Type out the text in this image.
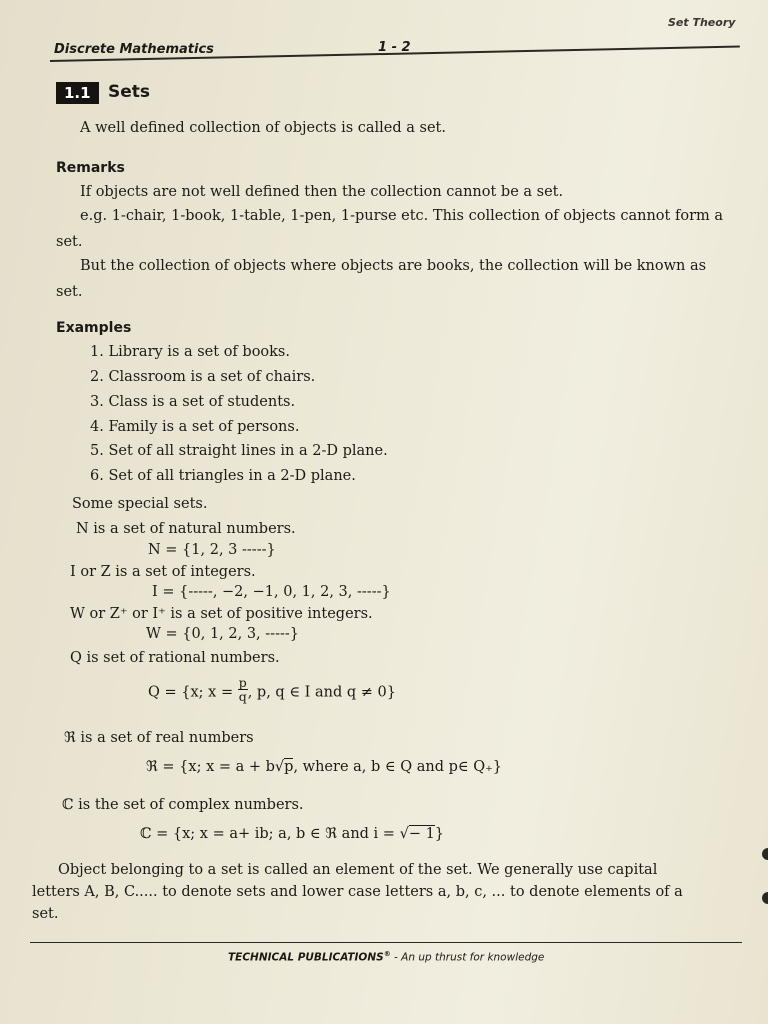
Set Theory
Discrete Mathematics	1 - 2
1.1	Sets
A well defined collection of objects is called a set.
Remarks
If objects are not well defined then the collection cannot be a set.
e.g. 1-chair, 1-book, 1-table, 1-pen, 1-purse etc. This collection of objects cannot form a
set.
But the collection of objects where objects are books, the collection will be known as
set.
Examples
1. Library is a set of books.
2. Classroom is a set of chairs.
3. Class is a set of students.
4. Family is a set of persons.
5. Set of all straight lines in a 2-D plane.
6. Set of all triangles in a 2-D plane.
Some special sets.
N is a set of natural numbers.
N = {1, 2, 3 -----}
I or Z is a set of integers.
I = {-----, −2, −1, 0, 1, 2, 3, -----}
W or Z⁺ or I⁺ is a set of positive integers.
W = {0, 1, 2, 3, -----}
Q is set of rational numbers.
Q = {x; $x = \frac{p}{q}$ , p, q ∈ I and q ≠ 0}
ℜ is a set of real numbers
ℜ = {x; x = a + b√p, where a, b ∈ Q and p∈ Q₊}
ℂ is the set of complex numbers.
ℂ = {x; x = a+ ib; a, b ∈ ℜ and i = √− 1}
Object belonging to a set is called an element of the set. We generally use capital
letters A, B, C..... to denote sets and lower case letters a, b, c, ... to denote elements of a
set.
TECHNICAL PUBLICATIONS® - An up thrust for knowledge
